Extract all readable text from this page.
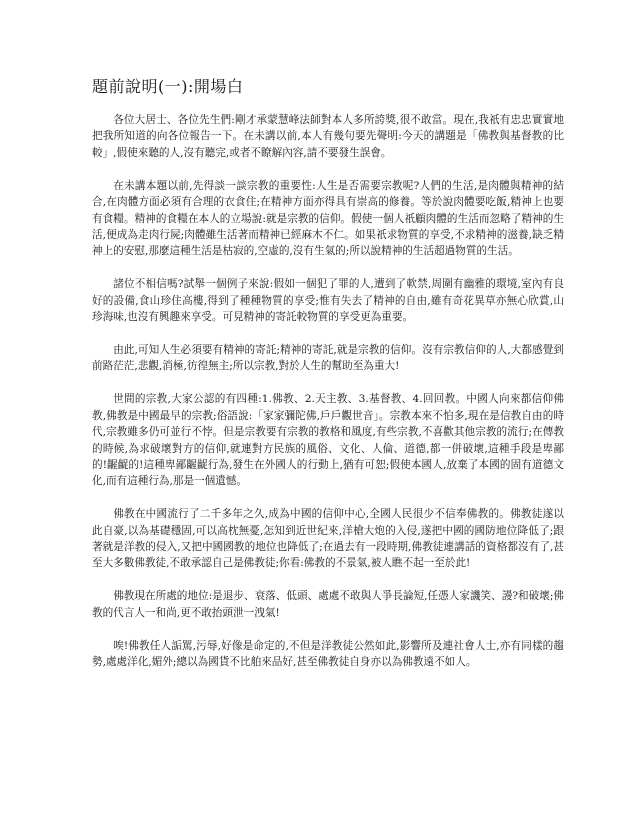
題前說明(一):開場白

各位大居士、各位先生們:剛才承蒙慧峰法師對本人多所誇獎,很不敢當。現在,我祇有忠忠實實地把我所知道的向各位報告一下。在未講以前,本人有幾句要先聲明:今天的講題是「佛教與基督教的比較」,假使來聽的人,沒有聽完,或者不瞭解內容,請不要發生誤會。

在未講本題以前,先得談一談宗教的重要性:人生是否需要宗教呢?人們的生活,是肉體與精神的結合,在肉體方面必須有合理的衣食住;在精神方面亦得具有崇高的修養。等於說肉體要吃飯,精神上也要有食糧。精神的食糧在本人的立場說:就是宗教的信仰。假使一個人祇顧肉體的生活而忽略了精神的生活,便成為走肉行屍;肉體雖生活著而精神已經麻木不仁。如果祇求物質的享受,不求精神的滋養,缺乏精神上的安慰,那麼這種生活是枯寂的,空虛的,沒有生氣的;所以說精神的生活超過物質的生活。

諸位不相信嗎?試舉一個例子來說:假如一個犯了罪的人,遭到了軟禁,周圍有幽雅的環境,室內有良好的設備,食山珍住高樓,得到了種種物質的享受;惟有失去了精神的自由,雖有奇花異草亦無心欣賞,山珍海味,也沒有興趣來享受。可見精神的寄託較物質的享受更為重要。

由此,可知人生必須要有精神的寄託;精神的寄託,就是宗教的信仰。沒有宗教信仰的人,大都感覺到前路茫茫,悲觀,消極,彷徨無主;所以宗教,對於人生的幫助至為重大!

世間的宗教,大家公認的有四種:1.佛教、2.天主教、3.基督教、4.回回教。中國人向來都信仰佛教,佛教是中國最早的宗教;俗語說:「家家彌陀佛,戶戶觀世音」。宗教本來不怕多,現在是信教自由的時代,宗教雖多仍可並行不悖。但是宗教要有宗教的教格和風度,有些宗教,不喜歡其他宗教的流行;在傳教的時候,為求破壞對方的信仰,就連對方民族的風俗、文化、人倫、道德,都一併破壞,這種手段是卑鄙的!齷齪的!這種卑鄙齷齪行為,發生在外國人的行動上,猶有可恕;假使本國人,放棄了本國的固有道德文化,而有這種行為,那是一個遺憾。

佛教在中國流行了二千多年之久,成為中國的信仰中心,全國人民很少不信奉佛教的。佛教徒遂以此自豪,以為基礎穩固,可以高枕無憂,怎知到近世紀來,洋槍大炮的入侵,遂把中國的國防地位降低了;跟著就是洋教的侵入,又把中國國教的地位也降低了;在過去有一段時期,佛教徒連講話的資格都沒有了,甚至大多數佛教徒,不敢承認自己是佛教徒;你看:佛教的不景氣,被人瞧不起一至於此!

佛教現在所處的地位:是退步、衰落、低頭、處處不敢與人爭長論短,任憑人家譏笑、謾?和破壞;佛教的代言人一和尚,更不敢抬頭泄一洩氣!

唉!佛教任人詬駡,污辱,好像是命定的,不但是洋教徒公然如此,影響所及連社會人士,亦有同樣的趨勢,處處洋化,媚外;總以為國貨不比舶來品好,甚至佛教徒自身亦以為佛教遠不如人。
